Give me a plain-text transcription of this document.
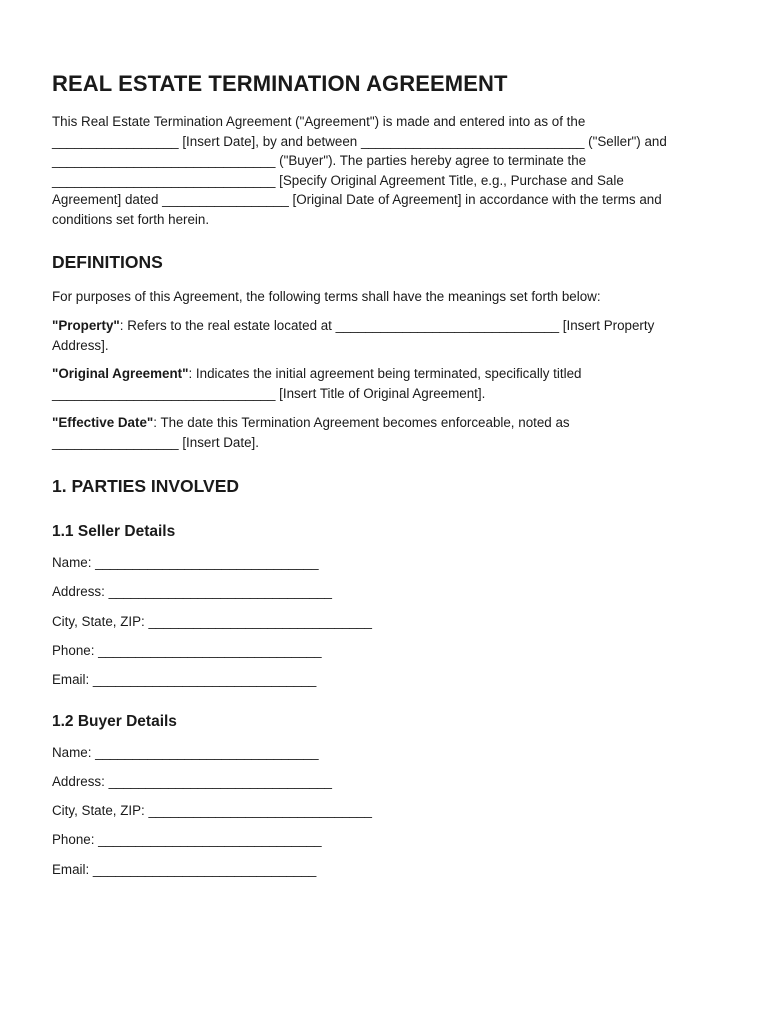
REAL ESTATE TERMINATION AGREEMENT

This Real Estate Termination Agreement ("Agreement") is made and entered into as of the _________________ [Insert Date], by and between ______________________________ ("Seller") and ______________________________ ("Buyer"). The parties hereby agree to terminate the ______________________________ [Specify Original Agreement Title, e.g., Purchase and Sale Agreement] dated _________________ [Original Date of Agreement] in accordance with the terms and conditions set forth herein.

DEFINITIONS

For purposes of this Agreement, the following terms shall have the meanings set forth below:

"Property": Refers to the real estate located at ______________________________ [Insert Property Address].

"Original Agreement": Indicates the initial agreement being terminated, specifically titled ______________________________ [Insert Title of Original Agreement].

"Effective Date": The date this Termination Agreement becomes enforceable, noted as _________________ [Insert Date].

1. PARTIES INVOLVED
1.1 Seller Details

Name: ______________________________

Address: ______________________________

City, State, ZIP: ______________________________

Phone: ______________________________

Email: ______________________________

1.2 Buyer Details

Name: ______________________________

Address: ______________________________

City, State, ZIP: ______________________________

Phone: ______________________________

Email: ______________________________
